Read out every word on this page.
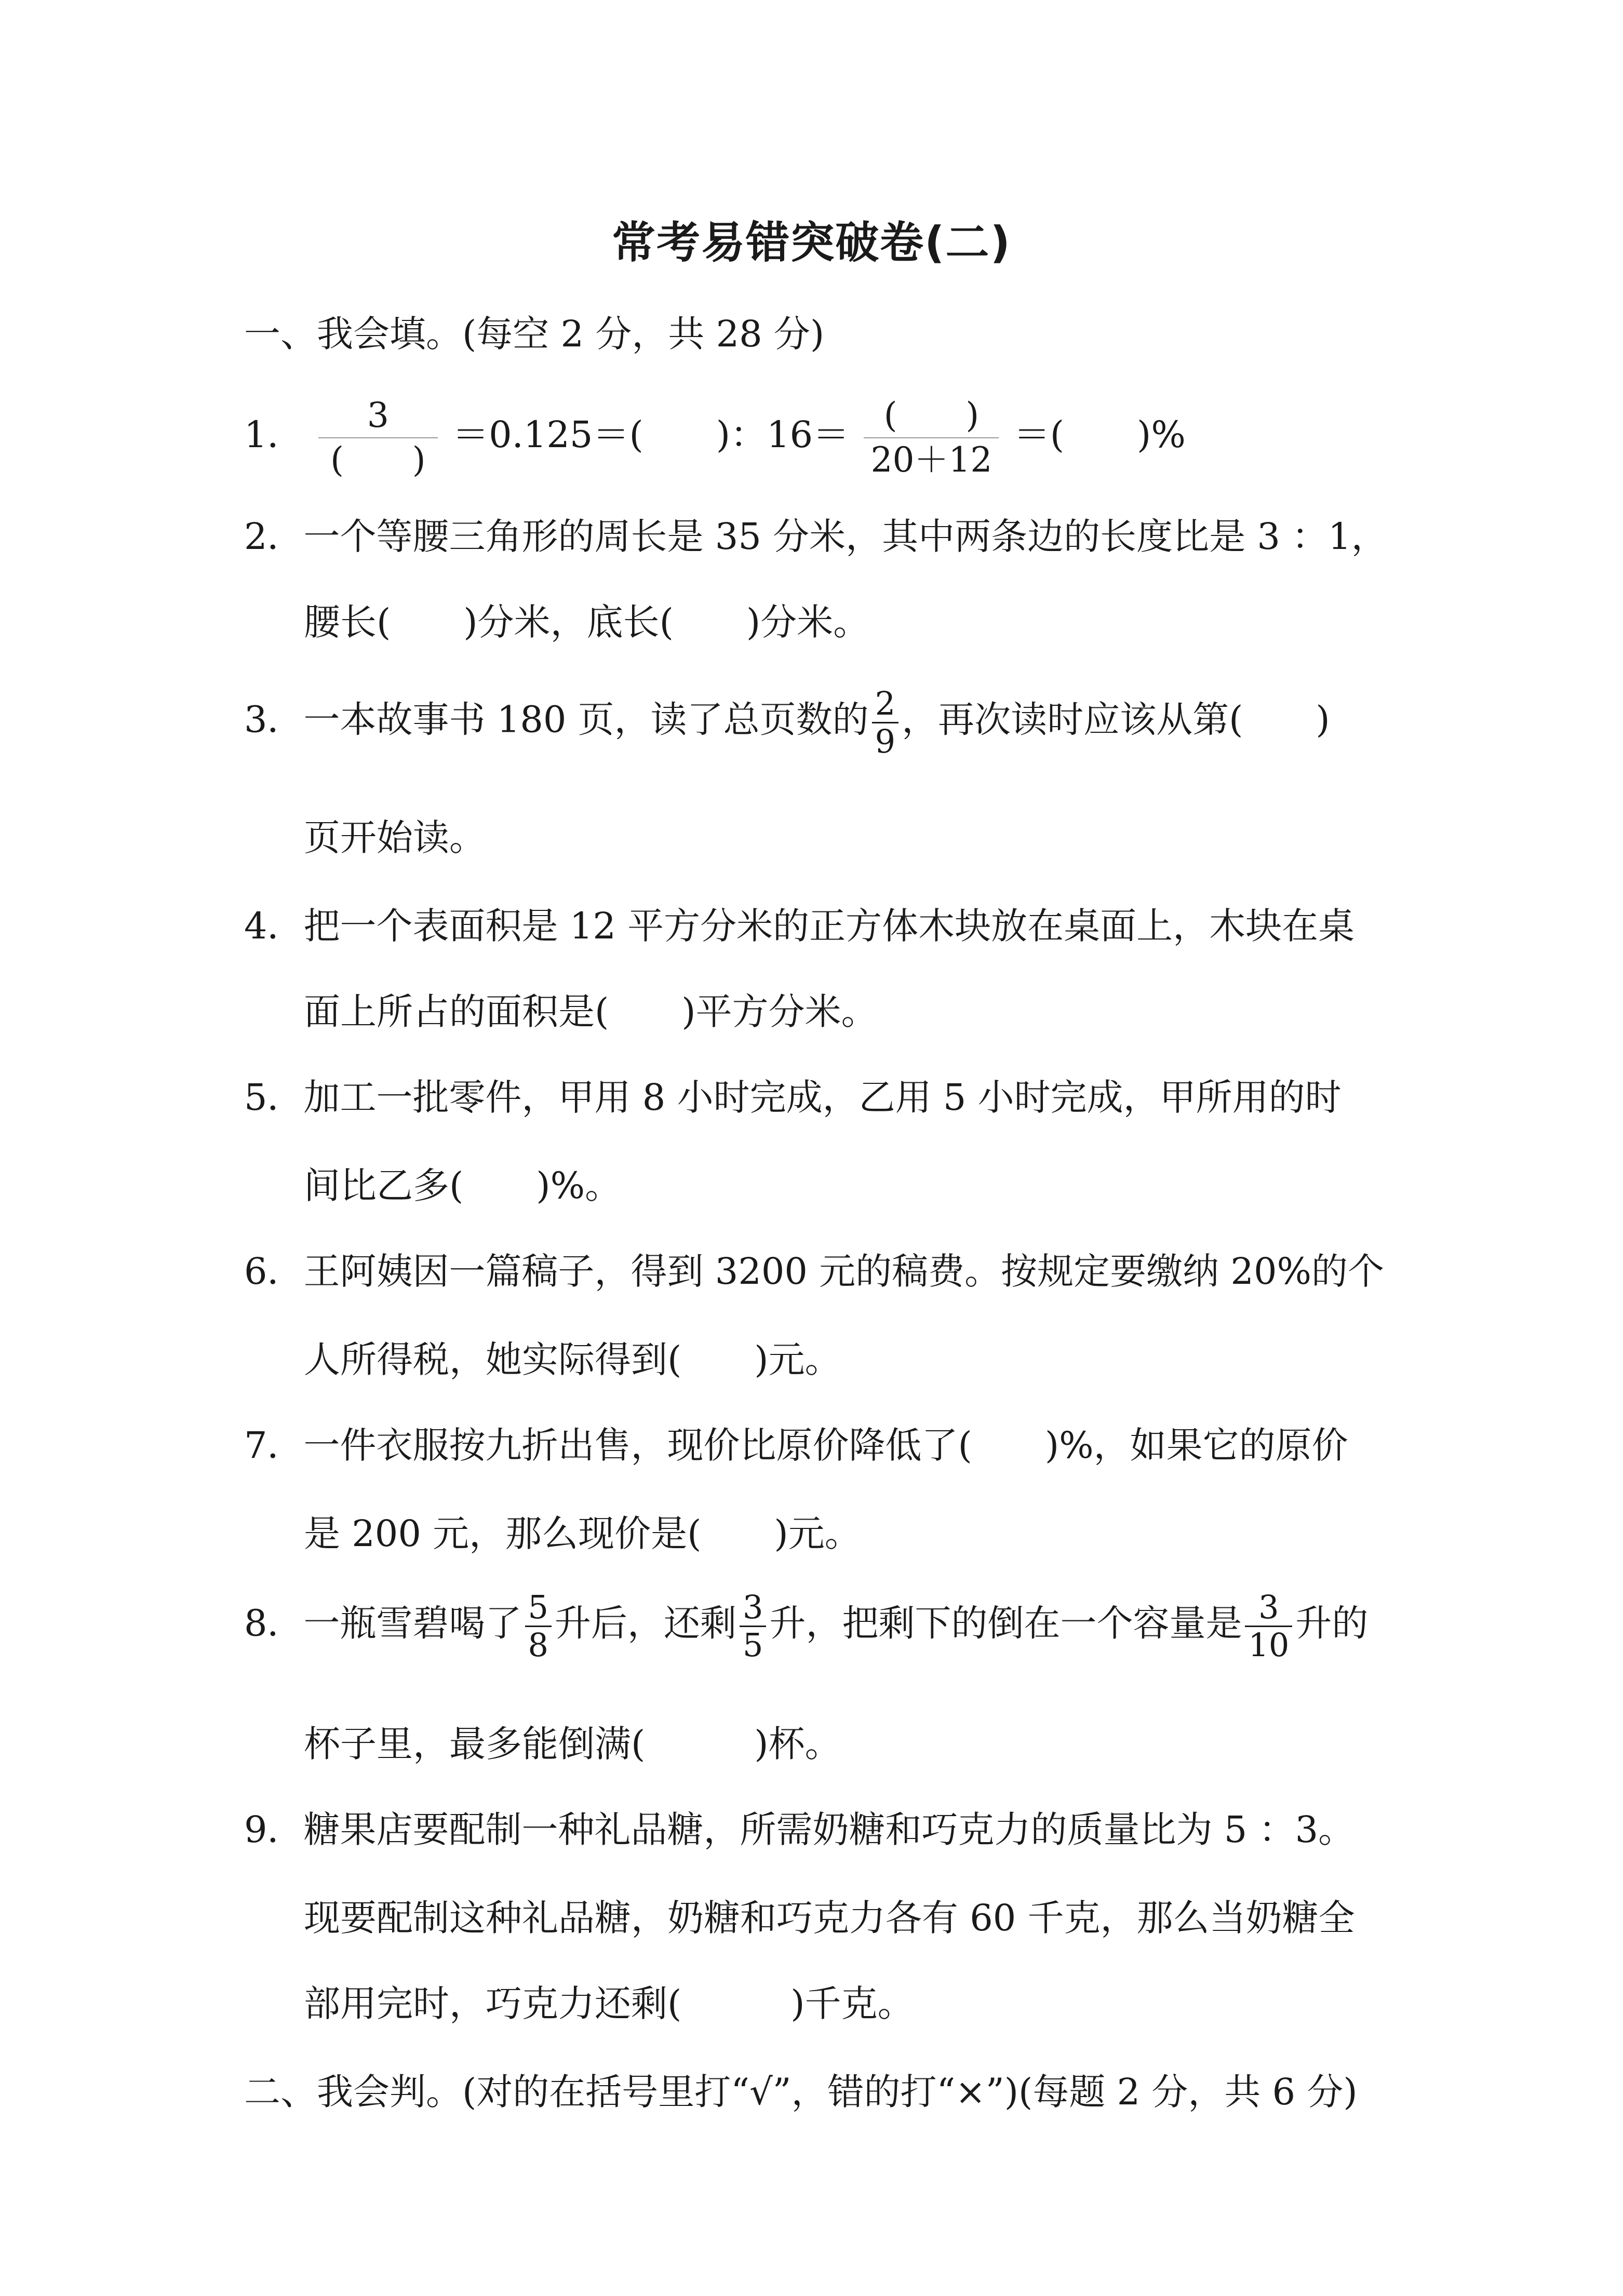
常考易错突破卷(二)
一、我会填。(每空 2 分，共 28 分)
1． $\frac{3}{( )} =0.125=$(　　)：$16= \frac{( )}{20+12}$ ＝(　　)%
2．一个等腰三角形的周长是 35 分米，其中两条边的长度比是 3 ：1，
腰长(　　)分米，底长(　　)分米。
3．一本故事书 180 页，读了总页数的 $\frac{2}{9}$ ，再次读时应该从第(　　)
页开始读。
4．把一个表面积是 12 平方分米的正方体木块放在桌面上，木块在桌
面上所占的面积是(　　)平方分米。
5．加工一批零件，甲用 8 小时完成，乙用 5 小时完成，甲所用的时
间比乙多(　　)%。
6．王阿姨因一篇稿子，得到 3200 元的稿费。按规定要缴纳 20%的个
人所得税，她实际得到(　　)元。
7．一件衣服按九折出售，现价比原价降低了(　　)%，如果它的原价
是 200 元，那么现价是(　　)元。
8．一瓶雪碧喝了 $\frac{5}{8}$ 升后，还剩 $\frac{3}{5}$ 升，把剩下的倒在一个容量是 $\frac{3}{10}$ 升的
杯子里，最多能倒满(　　　)杯。
9．糖果店要配制一种礼品糖，所需奶糖和巧克力的质量比为 5 ：3。
现要配制这种礼品糖，奶糖和巧克力各有 60 千克，那么当奶糖全
部用完时，巧克力还剩(　　　)千克。
二、我会判。(对的在括号里打“√”，错的打“×”)(每题 2 分，共 6 分)
